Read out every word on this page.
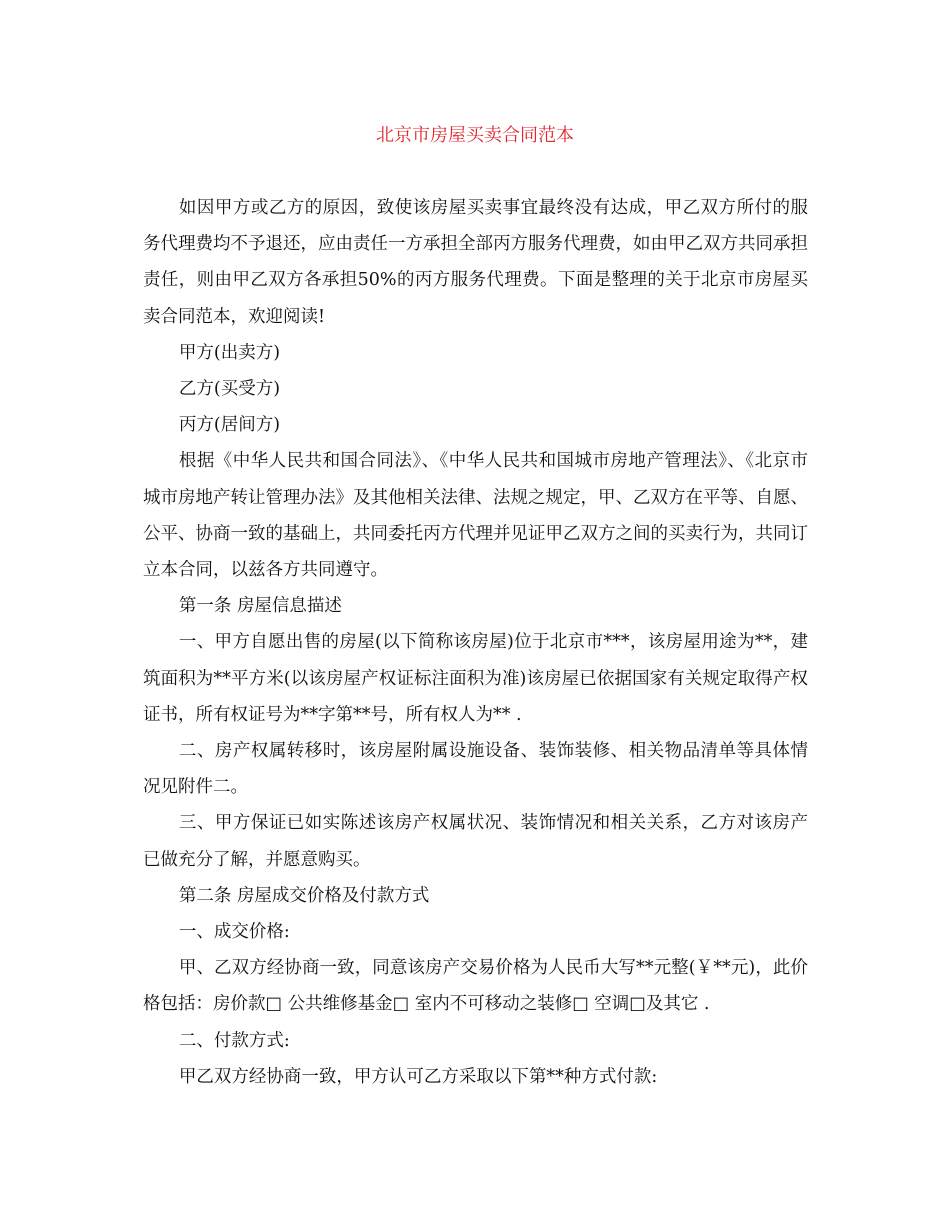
北京市房屋买卖合同范本

如因甲方或乙方的原因，致使该房屋买卖事宜最终没有达成，甲乙双方所付的服务代理费均不予退还，应由责任一方承担全部丙方服务代理费，如由甲乙双方共同承担责任，则由甲乙双方各承担50%的丙方服务代理费。下面是整理的关于北京市房屋买卖合同范本，欢迎阅读!

甲方(出卖方)

乙方(买受方)

丙方(居间方)

根据《中华人民共和国合同法》、《中华人民共和国城市房地产管理法》、《北京市城市房地产转让管理办法》及其他相关法律、法规之规定，甲、乙双方在平等、自愿、公平、协商一致的基础上，共同委托丙方代理并见证甲乙双方之间的买卖行为，共同订立本合同，以兹各方共同遵守。

第一条 房屋信息描述

一、甲方自愿出售的房屋(以下简称该房屋)位于北京市***，该房屋用途为**，建筑面积为**平方米(以该房屋产权证标注面积为准)该房屋已依据国家有关规定取得产权证书，所有权证号为**字第**号，所有权人为** .

二、房产权属转移时，该房屋附属设施设备、装饰装修、相关物品清单等具体情况见附件二。

三、甲方保证已如实陈述该房产权属状况、装饰情况和相关关系，乙方对该房产已做充分了解，并愿意购买。

第二条 房屋成交价格及付款方式

一、成交价格:

甲、乙双方经协商一致，同意该房产交易价格为人民币大写**元整(￥**元)，此价格包括：房价款□ 公共维修基金□ 室内不可移动之装修□ 空调□及其它 .

二、付款方式:

甲乙双方经协商一致，甲方认可乙方采取以下第**种方式付款:
